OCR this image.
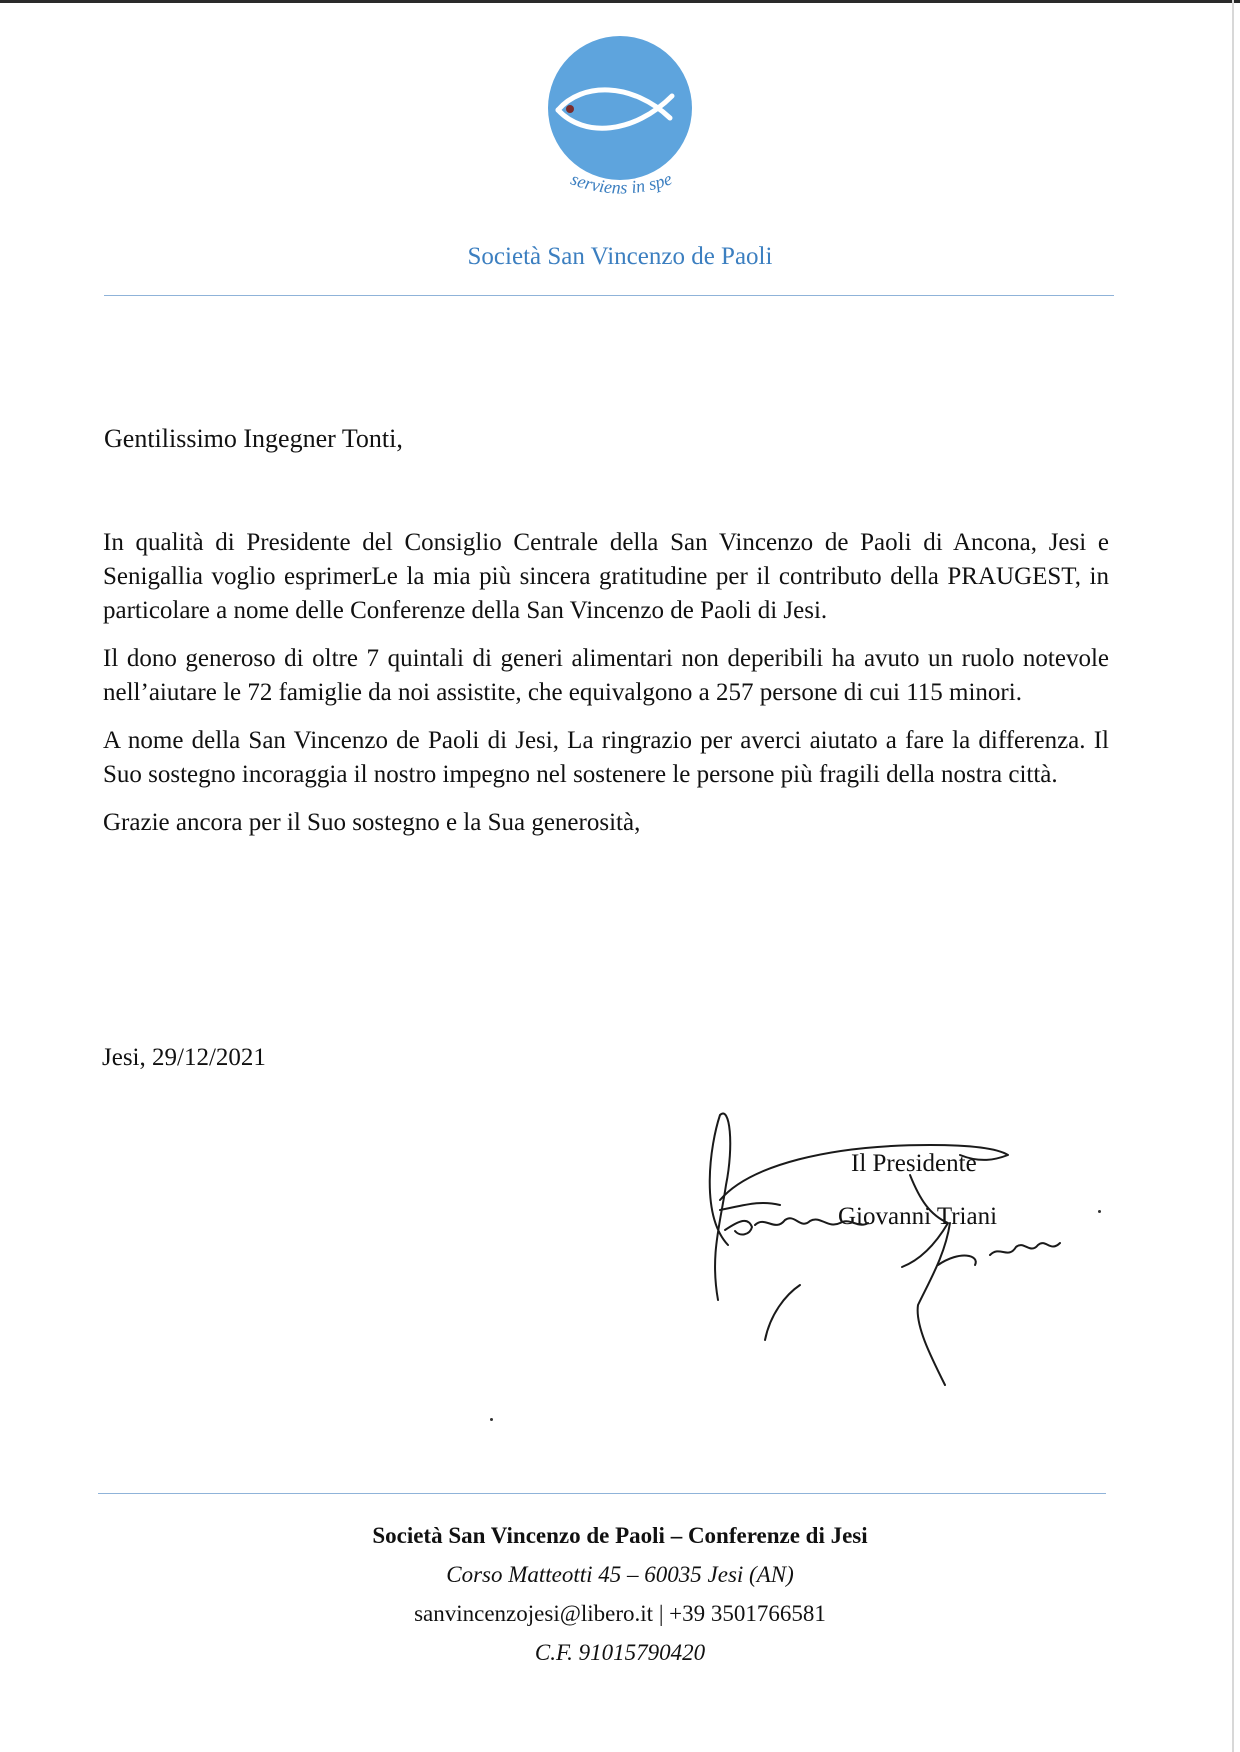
serviens in spe
Società San Vincenzo de Paoli
Gentilissimo Ingegner Tonti,

In qualità di Presidente del Consiglio Centrale della San Vincenzo de Paoli di Ancona, Jesi e Senigallia voglio esprimerLe la mia più sincera gratitudine per il contributo della PRAUGEST, in particolare a nome delle Conferenze della San Vincenzo de Paoli di Jesi.

Il dono generoso di oltre 7 quintali di generi alimentari non deperibili ha avuto un ruolo notevole nell’aiutare le 72 famiglie da noi assistite, che equivalgono a 257 persone di cui 115 minori.

A nome della San Vincenzo de Paoli di Jesi, La ringrazio per averci aiutato a fare la differenza. Il Suo sostegno incoraggia il nostro impegno nel sostenere le persone più fragili della nostra città.

Grazie ancora per il Suo sostegno e la Sua generosità,

Jesi, 29/12/2021
Il Presidente
Giovanni Triani
Società San Vincenzo de Paoli – Conferenze di Jesi
Corso Matteotti 45 – 60035 Jesi (AN)
sanvincenzojesi@libero.it | +39 3501766581
C.F. 91015790420
